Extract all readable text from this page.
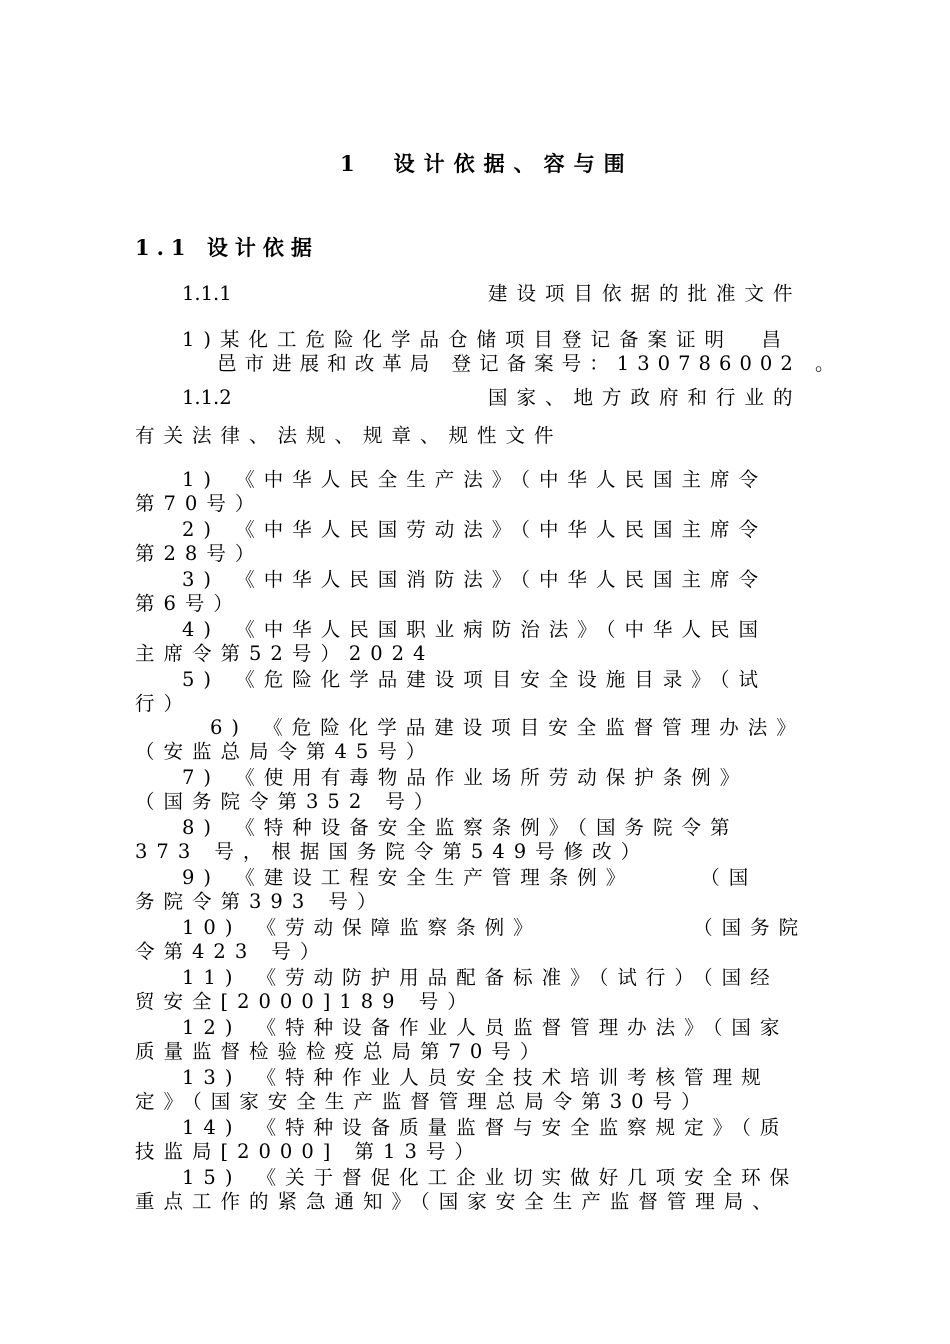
1　设计依据、容与围
1.1 设计依据
1.1.1	建设项目依据的批准文件
1)某化工危险化学品仓储项目登记备案证明　昌
邑市进展和改革局 登记备案号：130786002 。
1.1.2	国家、地方政府和行业的
有关法律、法规、规章、规性文件
1) 《中华人民全生产法》（中华人民国主席令
第70号）
2) 《中华人民国劳动法》（中华人民国主席令
第28号）
3) 《中华人民国消防法》（中华人民国主席令
第6号）
4) 《中华人民国职业病防治法》（中华人民国
主席令第52号）2024
5) 《危险化学品建设项目安全设施目录》（试
行）
6) 《危险化学品建设项目安全监督管理办法》
（安监总局令第45号）
7) 《使用有毒物品作业场所劳动保护条例》
（国务院令第352 号）
8) 《特种设备安全监察条例》（国务院令第
373 号，根据国务院令第549号修改）
9) 《建设工程安全生产管理条例》　　　（国
务院令第393 号）
10) 《劳动保障监察条例》　　　　　　（国务院
令第423 号）
11) 《劳动防护用品配备标准》（试行）（国经
贸安全[2000]189 号）
12) 《特种设备作业人员监督管理办法》（国家
质量监督检验检疫总局第70号）
13) 《特种作业人员安全技术培训考核管理规
定》（国家安全生产监督管理总局令第30号）
14) 《特种设备质量监督与安全监察规定》（质
技监局[2000] 第13号）
15) 《关于督促化工企业切实做好几项安全环保
重点工作的紧急通知》（国家安全生产监督管理局、
